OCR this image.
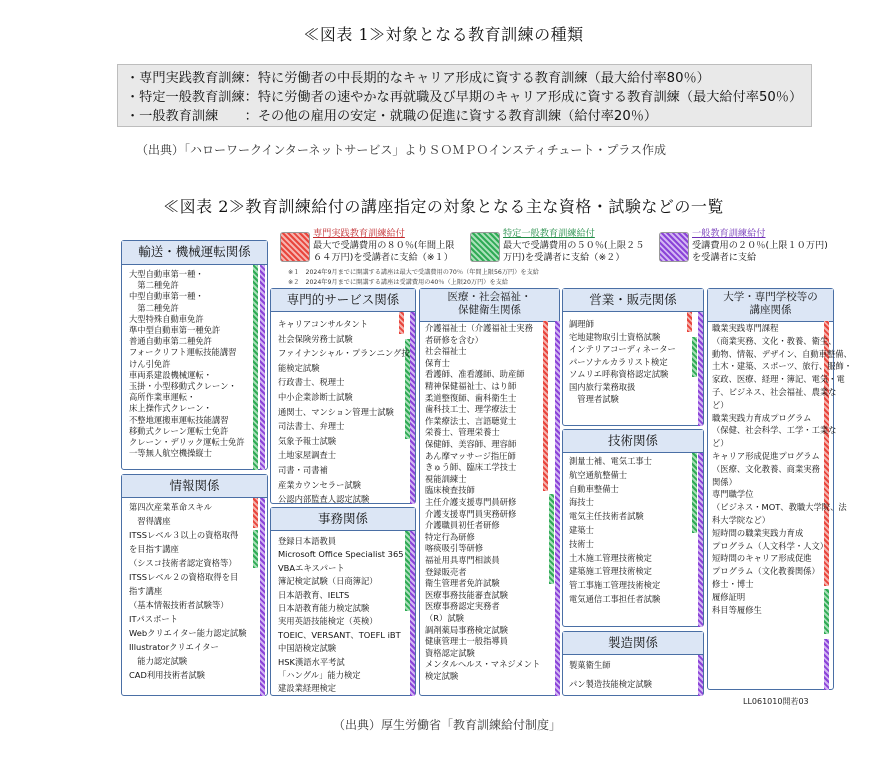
≪図表 1≫対象となる教育訓練の種類
・専門実践教育訓練：特に労働者の中長期的なキャリア形成に資する教育訓練（最大給付率80％）
・特定一般教育訓練：特に労働者の速やかな再就職及び早期のキャリア形成に資する教育訓練（最大給付率50％）
・一般教育訓練　　：その他の雇用の安定・就職の促進に資する教育訓練（給付率20％）
（出典）「ハローワークインターネットサービス」よりＳＯＭＰＯインスティチュート・プラス作成
≪図表 2≫教育訓練給付の講座指定の対象となる主な資格・試験などの一覧
専門実践教育訓練給付
最大で受講費用の８０％(年間上限
６４万円)を受講者に支給（※１）
特定一般教育訓練給付
最大で受講費用の５０％(上限２５
万円)を受講者に支給（※２）
一般教育訓練給付
受講費用の２０％(上限１０万円)
を受講者に支給
※１　2024年9月までに開講する講座は最大で受講費用の70％（年間上限56万円）を支給
※２　2024年9月までに開講する講座は受講費用の40％（上限20万円）を支給
輸送・機械運転関係
大型自動車第一種・
　第二種免許
中型自動車第一種・
　第二種免許
大型特殊自動車免許
準中型自動車第一種免許
普通自動車第二種免許
フォークリフト運転技能講習
けん引免許
車両系建設機械運転・
玉掛・小型移動式クレーン・
高所作業車運転・
床上操作式クレーン・
不整地運搬車運転技能講習
移動式クレーン運転士免許
クレーン・デリック運転士免許
一等無人航空機操縦士
情報関係
第四次産業革命スキル
　習得講座
ITSSレベル３以上の資格取得
を目指す講座
（シスコ技術者認定資格等）
ITSSレベル２の資格取得を目
指す講座
（基本情報技術者試験等）
ITパスポート
Webクリエイター能力認定試験
Illustratorクリエイター
　能力認定試験
CAD利用技術者試験
専門的サービス関係
キャリアコンサルタント
社会保険労務士試験
ファイナンシャル・プランニング技
能検定試験
行政書士、税理士
中小企業診断士試験
通関士、マンション管理士試験
司法書士、弁理士
気象予報士試験
土地家屋調査士
司書・司書補
産業カウンセラー試験
公認内部監査人認定試験
事務関係
登録日本語教員
Microsoft Office Specialist 365
VBAエキスパート
簿記検定試験（日商簿記）
日本語教育、IELTS
日本語教育能力検定試験
実用英語技能検定（英検）
TOEIC、VERSANT、TOEFL iBT
中国語検定試験
HSK漢語水平考試
「ハングル」能力検定
建設業経理検定
医療・社会福祉・
保健衛生関係
介護福祉士（介護福祉士実務
者研修を含む）
社会福祉士
保育士
看護師、准看護師、助産師
精神保健福祉士、はり師
柔道整復師、歯科衛生士
歯科技工士、理学療法士
作業療法士、言語聴覚士
栄養士、管理栄養士
保健師、美容師、理容師
あん摩マッサージ指圧師
きゅう師、臨床工学技士
視能訓練士
臨床検査技師
主任介護支援専門員研修
介護支援専門員実務研修
介護職員初任者研修
特定行為研修
喀痰吸引等研修
福祉用具専門相談員
登録販売者
衛生管理者免許試験
医療事務技能審査試験
医療事務認定実務者
（R）試験
調剤薬局事務検定試験
健康管理士一般指導員
資格認定試験
メンタルヘルス・マネジメント
検定試験
営業・販売関係
調理師
宅地建物取引士資格試験
インテリアコーディネーター
パーソナルカラリスト検定
ソムリエ呼称資格認定試験
国内旅行業務取扱
　管理者試験
技術関係
測量士補、電気工事士
航空通航整備士
自動車整備士
海技士
電気主任技術者試験
建築士
技術士
土木施工管理技術検定
建築施工管理技術検定
管工事施工管理技術検定
電気通信工事担任者試験
製造関係
製菓衛生師
パン製造技能検定試験
大学・専門学校等の
講座関係
職業実践専門課程
（商業実務、文化・教養、衛生、
動物、情報、デザイン、自動車整備、
土木・建築、スポーツ、旅行、服飾・
家政、医療、経理・簿記、電気・電
子、ビジネス、社会福祉、農業な
ど）
職業実践力育成プログラム
（保健、社会科学、工学・工業な
ど）
キャリア形成促進プログラム
（医療、文化教養、商業実務
関係）
専門職学位
（ビジネス・MOT、教職大学院、法
科大学院など）
短時間の職業実践力育成
プログラム（人文科学・人文）
短時間のキャリア形成促進
プログラム（文化教養関係）
修士・博士
履修証明
科目等履修生
LL061010開若03
（出典）厚生労働省「教育訓練給付制度」
